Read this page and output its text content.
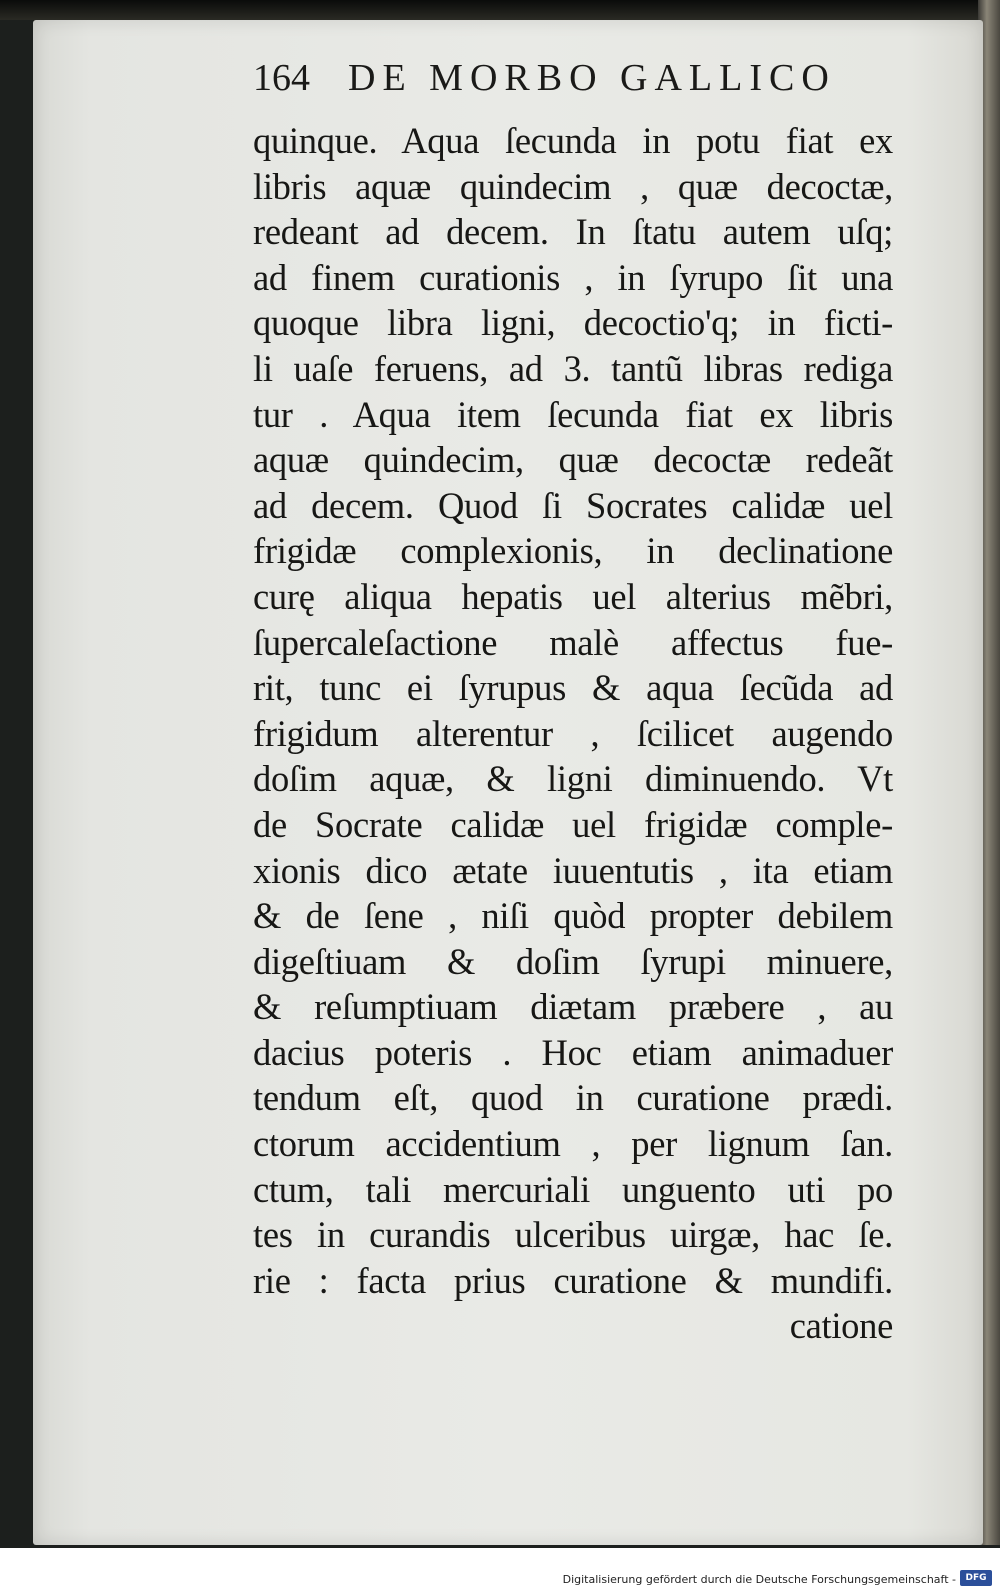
164 DE MORBO GALLICO
quinque. Aqua ſecunda in potu fiat ex
libris aquæ quindecim , quæ decoctæ,
redeant ad decem. In ſtatu autem uſq;
ad finem curationis , in ſyrupo ſit una
quoque libra ligni, decoctio'q; in ficti-
li uaſe feruens, ad 3. tantũ libras rediga
tur . Aqua item ſecunda fiat ex libris
aquæ quindecim, quæ decoctæ redeãt
ad decem. Quod ſi Socrates calidæ uel
frigidæ complexionis, in declinatione
curę aliqua hepatis uel alterius mẽbri,
ſupercaleſactione malè affectus fue-
rit, tunc ei ſyrupus & aqua ſecũda ad
frigidum alterentur , ſcilicet augendo
doſim aquæ, & ligni diminuendo. Vt
de Socrate calidæ uel frigidæ comple-
xionis dico ætate iuuentutis , ita etiam
& de ſene , niſi quòd propter debilem
digeſtiuam & doſim ſyrupi minuere,
& reſumptiuam diætam præbere , au
dacius poteris . Hoc etiam animaduer
tendum eſt, quod in curatione prædi.
ctorum accidentium , per lignum ſan.
ctum, tali mercuriali unguento uti po
tes in curandis ulceribus uirgæ, hac ſe.
rie : facta prius curatione & mundifi.
catione
Digitalisierung gefördert durch die Deutsche Forschungsgemeinschaft -	DFG
